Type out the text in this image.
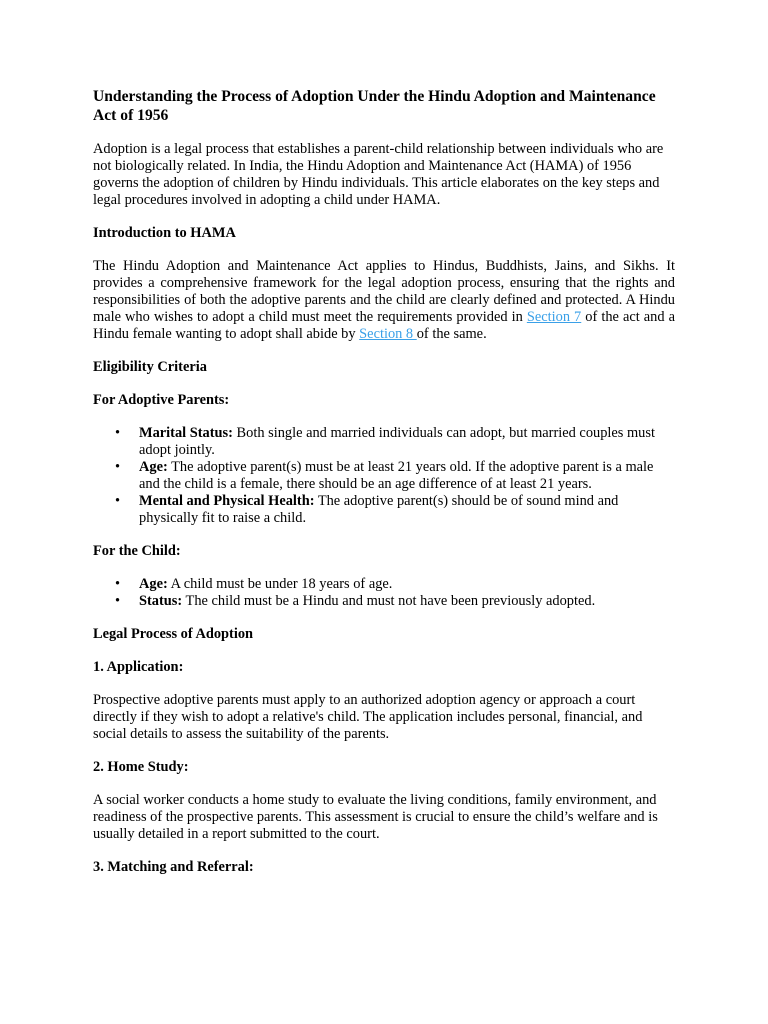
Understanding the Process of Adoption Under the Hindu Adoption and Maintenance Act of 1956

Adoption is a legal process that establishes a parent-child relationship between individuals who are not biologically related. In India, the Hindu Adoption and Maintenance Act (HAMA) of 1956 governs the adoption of children by Hindu individuals. This article elaborates on the key steps and legal procedures involved in adopting a child under HAMA.

Introduction to HAMA

The Hindu Adoption and Maintenance Act applies to Hindus, Buddhists, Jains, and Sikhs. It provides a comprehensive framework for the legal adoption process, ensuring that the rights and responsibilities of both the adoptive parents and the child are clearly defined and protected. A Hindu male who wishes to adopt a child must meet the requirements provided in Section 7 of the act and a Hindu female wanting to adopt shall abide by Section 8 of the same.

Eligibility Criteria

For Adoptive Parents:

• Marital Status: Both single and married individuals can adopt, but married couples must adopt jointly.
• Age: The adoptive parent(s) must be at least 21 years old. If the adoptive parent is a male and the child is a female, there should be an age difference of at least 21 years.
• Mental and Physical Health: The adoptive parent(s) should be of sound mind and physically fit to raise a child.

For the Child:

• Age: A child must be under 18 years of age.
• Status: The child must be a Hindu and must not have been previously adopted.

Legal Process of Adoption

1. Application:

Prospective adoptive parents must apply to an authorized adoption agency or approach a court directly if they wish to adopt a relative's child. The application includes personal, financial, and social details to assess the suitability of the parents.

2. Home Study:

A social worker conducts a home study to evaluate the living conditions, family environment, and readiness of the prospective parents. This assessment is crucial to ensure the child’s welfare and is usually detailed in a report submitted to the court.

3. Matching and Referral:
